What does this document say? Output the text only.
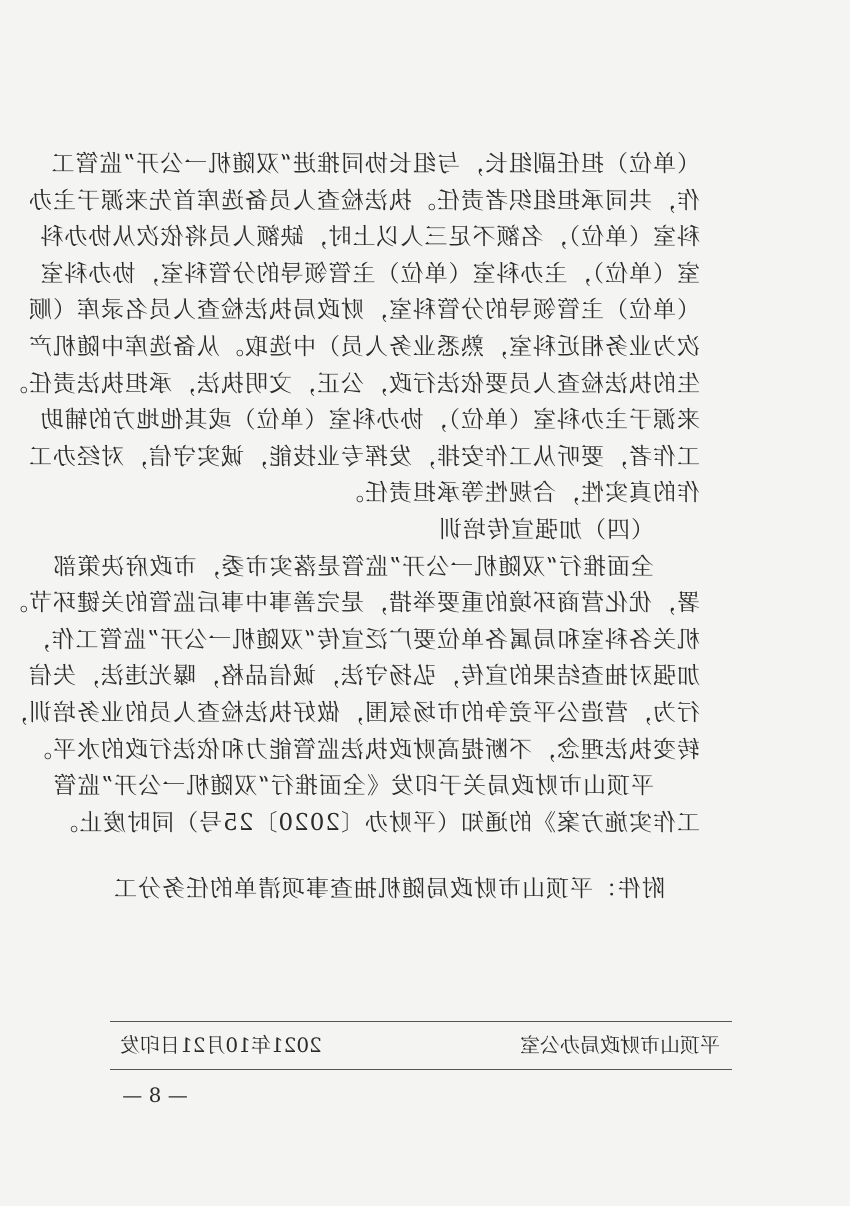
（单位）担任副组长，与组长协同推进“双随机一公开”监管工
作，共同承担组织者责任。执法检查人员备选库首先来源于主办
科室（单位），名额不足三人以上时，缺额人员将依次从协办科
室（单位），主办科室（单位）主管领导的分管科室，协办科室
（单位）主管领导的分管科室，财政局执法检查人员名录库（顺
次为业务相近科室，熟悉业务人员）中选取。从备选库中随机产
生的执法检查人员要依法行政，公正，文明执法，承担执法责任。
来源于主办科室（单位），协办科室（单位）或其他地方的辅助
工作者，要听从工作安排，发挥专业技能，诚实守信，对经办工
作的真实性，合规性等承担责任。
（四）加强宣传培训
全面推行“双随机一公开”监管是落实市委，市政府决策部
署，优化营商环境的重要举措，是完善事中事后监管的关键环节。
机关各科室和局属各单位要广泛宣传“双随机一公开”监管工作，
加强对抽查结果的宣传，弘扬守法，诚信品格，曝光违法，失信
行为，营造公平竞争的市场氛围，做好执法检查人员的业务培训，
转变执法理念，不断提高财政执法监管能力和依法行政的水平。
平顶山市财政局关于印发《全面推行“双随机一公开”监管
工作实施方案》的通知（平财办〔2020〕25号）同时废止。
附件：平顶山市财政局随机抽查事项清单的任务分工
平顶山市财政局办公室
2021年10月21日印发
— 8 —
